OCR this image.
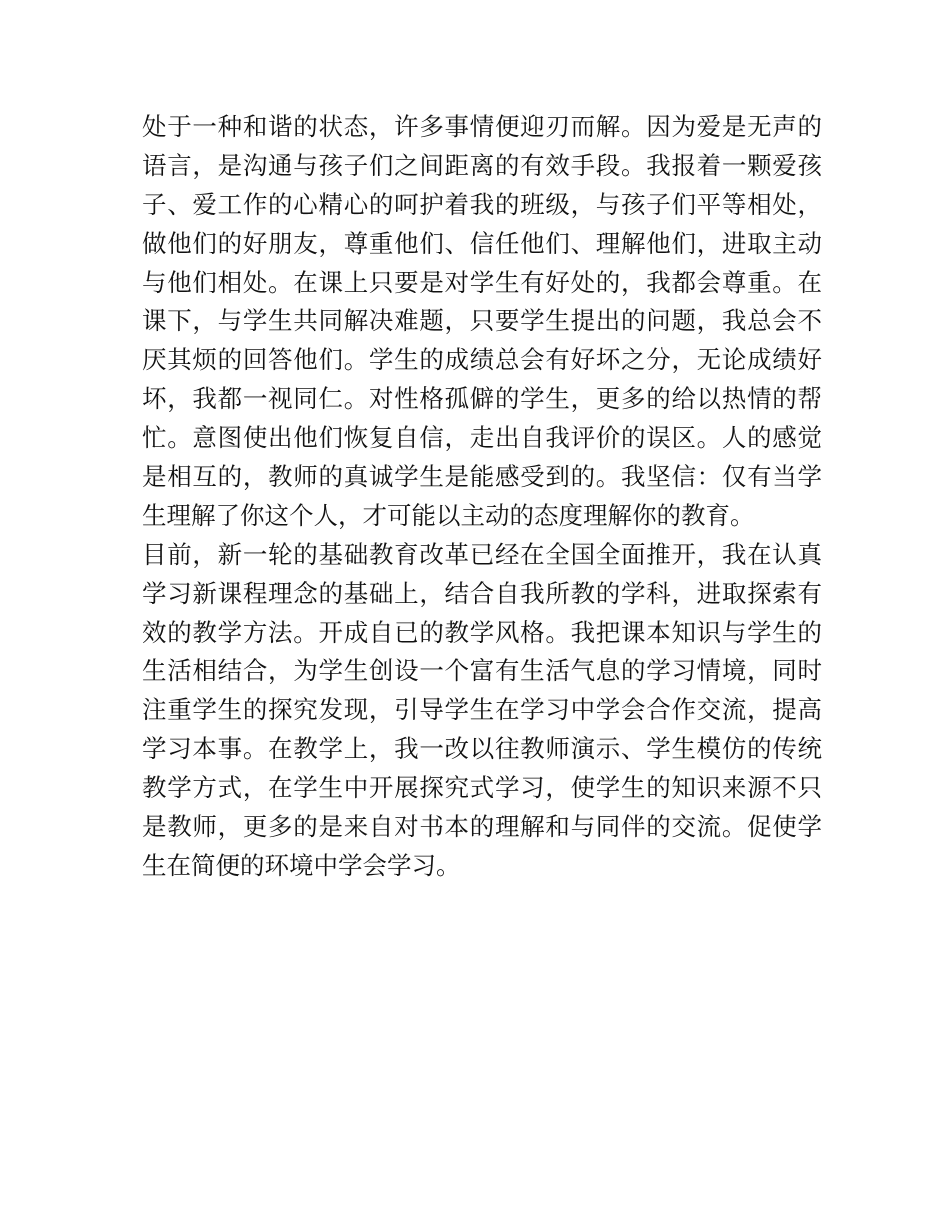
处于一种和谐的状态，许多事情便迎刃而解。因为爱是无声的
语言，是沟通与孩子们之间距离的有效手段。我报着一颗爱孩
子、爱工作的心精心的呵护着我的班级，与孩子们平等相处，
做他们的好朋友，尊重他们、信任他们、理解他们，进取主动
与他们相处。在课上只要是对学生有好处的，我都会尊重。在
课下，与学生共同解决难题，只要学生提出的问题，我总会不
厌其烦的回答他们。学生的成绩总会有好坏之分，无论成绩好
坏，我都一视同仁。对性格孤僻的学生，更多的给以热情的帮
忙。意图使出他们恢复自信，走出自我评价的误区。人的感觉
是相互的，教师的真诚学生是能感受到的。我坚信：仅有当学
生理解了你这个人，才可能以主动的态度理解你的教育。
目前，新一轮的基础教育改革已经在全国全面推开，我在认真
学习新课程理念的基础上，结合自我所教的学科，进取探索有
效的教学方法。开成自已的教学风格。我把课本知识与学生的
生活相结合，为学生创设一个富有生活气息的学习情境，同时
注重学生的探究发现，引导学生在学习中学会合作交流，提高
学习本事。在教学上，我一改以往教师演示、学生模仿的传统
教学方式，在学生中开展探究式学习，使学生的知识来源不只
是教师，更多的是来自对书本的理解和与同伴的交流。促使学
生在简便的环境中学会学习。
